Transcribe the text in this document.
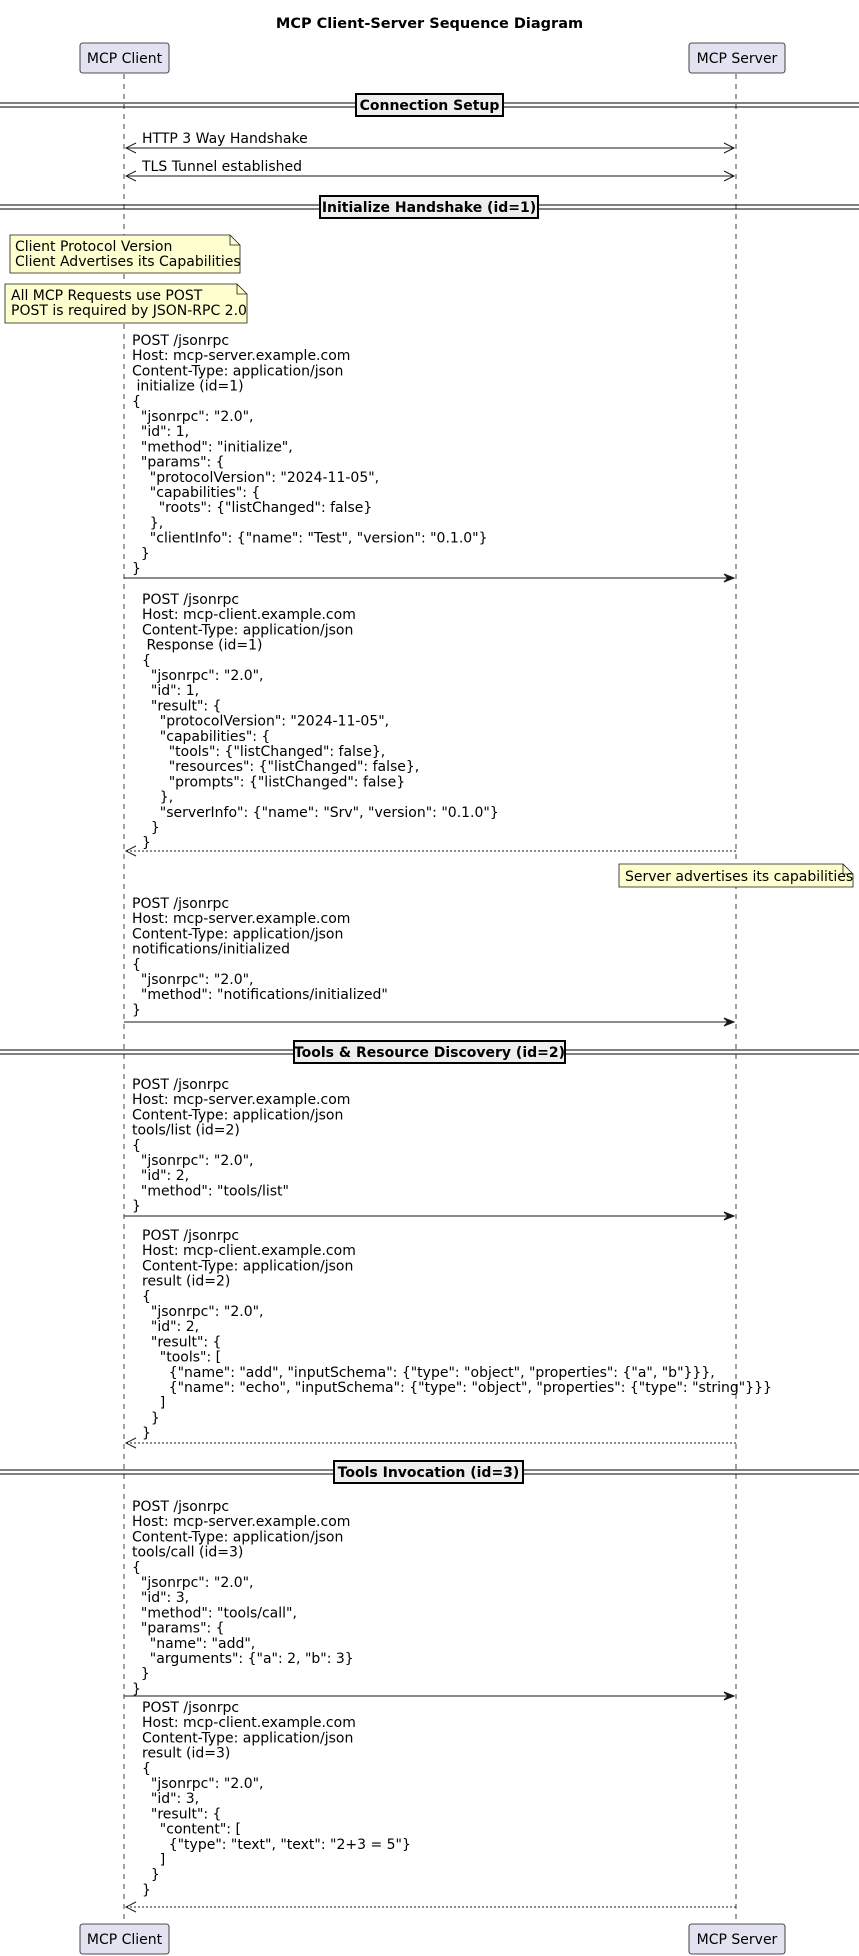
MCP Client-Server Sequence Diagram
MCP Client	MCP Server
MCP Client	MCP Server
Connection Setup
Initialize Handshake (id=1)
Tools & Resource Discovery (id=2)
Tools Invocation (id=3)
Client Protocol Version
Client Advertises its Capabilities
All MCP Requests use POST
POST is required by JSON-RPC 2.0
Server advertises its capabilities
HTTP 3 Way Handshake
TLS Tunnel established
POST /jsonrpc
Host: mcp-server.example.com
Content-Type: application/json
initialize (id=1)
{
"jsonrpc": "2.0",
"id": 1,
"method": "initialize",
"params": {
"protocolVersion": "2024-11-05",
"capabilities": {
"roots": {"listChanged": false}
},
"clientInfo": {"name": "Test", "version": "0.1.0"}
}
}
POST /jsonrpc
Host: mcp-client.example.com
Content-Type: application/json
Response (id=1)
{
"jsonrpc": "2.0",
"id": 1,
"result": {
"protocolVersion": "2024-11-05",
"capabilities": {
"tools": {"listChanged": false},
"resources": {"listChanged": false},
"prompts": {"listChanged": false}
},
"serverInfo": {"name": "Srv", "version": "0.1.0"}
}
}
POST /jsonrpc
Host: mcp-server.example.com
Content-Type: application/json
notifications/initialized
{
"jsonrpc": "2.0",
"method": "notifications/initialized"
}
POST /jsonrpc
Host: mcp-server.example.com
Content-Type: application/json
tools/list (id=2)
{
"jsonrpc": "2.0",
"id": 2,
"method": "tools/list"
}
POST /jsonrpc
Host: mcp-client.example.com
Content-Type: application/json
result (id=2)
{
"jsonrpc": "2.0",
"id": 2,
"result": {
"tools": [
{"name": "add", "inputSchema": {"type": "object", "properties": {"a", "b"}}},
{"name": "echo", "inputSchema": {"type": "object", "properties": {"type": "string"}}}
]
}
}
POST /jsonrpc
Host: mcp-server.example.com
Content-Type: application/json
tools/call (id=3)
{
"jsonrpc": "2.0",
"id": 3,
"method": "tools/call",
"params": {
"name": "add",
"arguments": {"a": 2, "b": 3}
}
}
POST /jsonrpc
Host: mcp-client.example.com
Content-Type: application/json
result (id=3)
{
"jsonrpc": "2.0",
"id": 3,
"result": {
"content": [
{"type": "text", "text": "2+3 = 5"}
]
}
}
